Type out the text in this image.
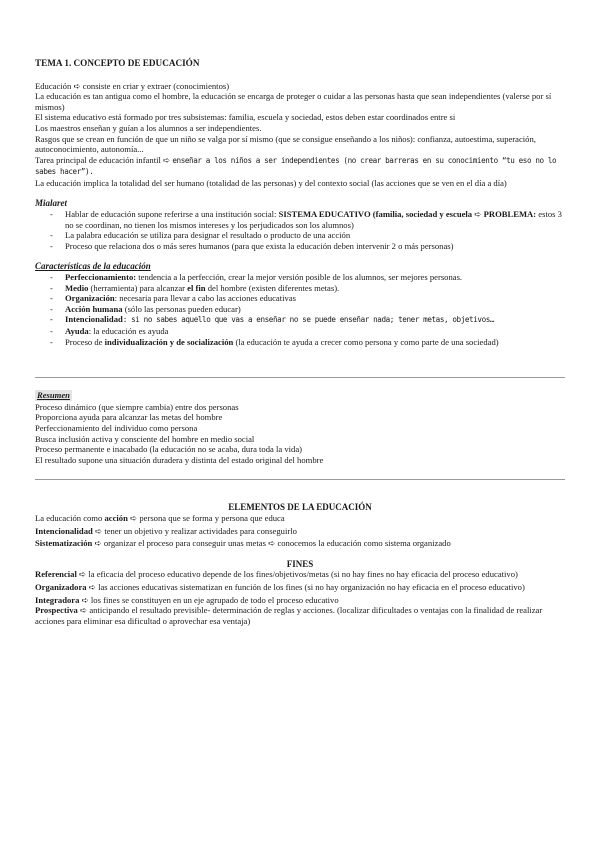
TEMA 1. CONCEPTO DE EDUCACIÓN

Educación ➪ consiste en criar y extraer (conocimientos)

La educación es tan antigua como el hombre, la educación se encarga de proteger o cuidar a las personas hasta que sean independientes (valerse por sí mismos)

El sistema educativo está formado por tres subsistemas: familia, escuela y sociedad, estos deben estar coordinados entre si

Los maestros enseñan y guían a los alumnos a ser independientes.

Rasgos que se crean en función de que un niño se valga por sí mismo (que se consigue enseñando a los niños): confianza, autoestima, superación, autoconocimiento, autonomía...

Tarea principal de educación infantil ➪ enseñar a los niños a ser independientes (no crear barreras en su conocimiento “tu eso no lo sabes hacer”).

La educación implica la totalidad del ser humano (totalidad de las personas) y del contexto social (las acciones que se ven en el día a día)

Mialaret

- Hablar de educación supone referirse a una institución social: SISTEMA EDUCATIVO (familia, sociedad y escuela ➪ PROBLEMA: estos 3 no se coordinan, no tienen los mismos intereses y los perjudicados son los alumnos)
- La palabra educación se utiliza para designar el resultado o producto de una acción
- Proceso que relaciona dos o más seres humanos (para que exista la educación deben intervenir 2 o más personas)

Características de la educación

- Perfeccionamiento: tendencia a la perfección, crear la mejor versión posible de los alumnos, ser mejores personas.
- Medio (herramienta) para alcanzar el fin del hombre (existen diferentes metas).
- Organización: necesaria para llevar a cabo las acciones educativas
- Acción humana (sólo las personas pueden educar)
- Intencionalidad: si no sabes aquello que vas a enseñar no se puede enseñar nada; tener metas, objetivos…
- Ayuda: la educación es ayuda
- Proceso de individualización y de socialización (la educación te ayuda a crecer como persona y como parte de una sociedad)

Resumen

Proceso dinámico (que siempre cambia) entre dos personas

Proporciona ayuda para alcanzar las metas del hombre

Perfeccionamiento del individuo como persona

Busca inclusión activa y consciente del hombre en medio social

Proceso permanente e inacabado (la educación no se acaba, dura toda la vida)

El resultado supone una situación duradera y distinta del estado original del hombre

ELEMENTOS DE LA EDUCACIÓN

La educación como acción ➪ persona que se forma y persona que educa

Intencionalidad ➪ tener un objetivo y realizar actividades para conseguirlo

Sistematización ➪ organizar el proceso para conseguir unas metas ➪ conocemos la educación como sistema organizado

FINES

Referencial ➪ la eficacia del proceso educativo depende de los fines/objetivos/metas (si no hay fines no hay eficacia del proceso educativo)

Organizadora ➪ las acciones educativas sistematizan en función de los fines (si no hay organización no hay eficacia en el proceso educativo)

Integradora ➪ los fines se constituyen en un eje agrupado de todo el proceso educativo

Prospectiva ➪ anticipando el resultado previsible- determinación de reglas y acciones. (localizar dificultades o ventajas con la finalidad de realizar acciones para eliminar esa dificultad o aprovechar esa ventaja)
